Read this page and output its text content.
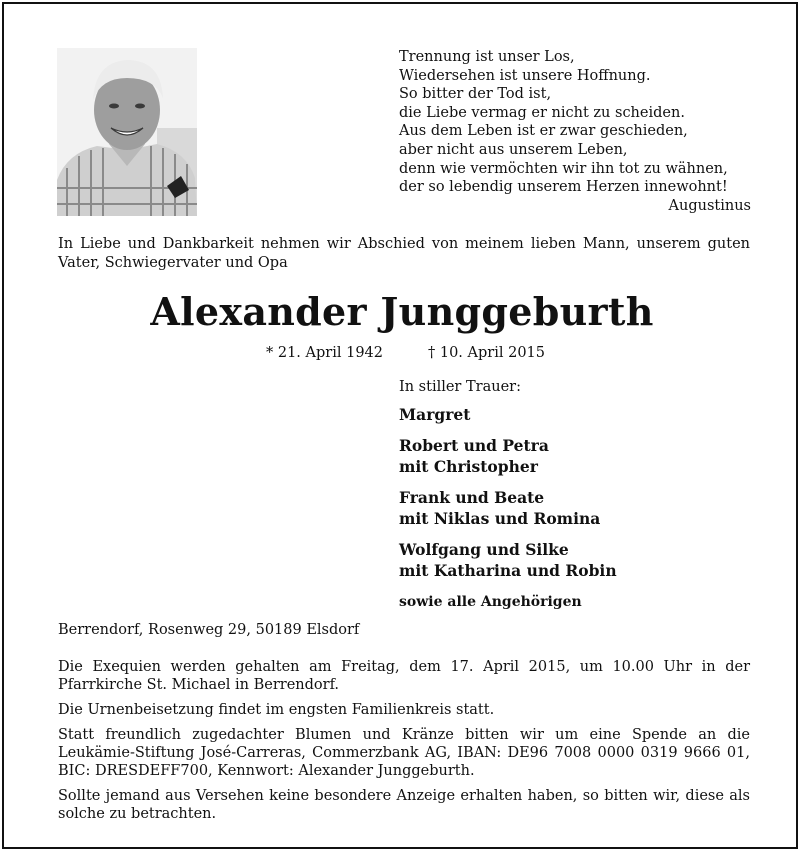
Trennung ist unser Los,
Wiedersehen ist unsere Hoffnung.
So bitter der Tod ist,
die Liebe vermag er nicht zu scheiden.
Aus dem Leben ist er zwar geschieden,
aber nicht aus unserem Leben,
denn wie vermöchten wir ihn tot zu wähnen,
der so lebendig unserem Herzen innewohnt!
Augustinus
In Liebe und Dankbarkeit nehmen wir Abschied von meinem lieben Mann, unserem guten Vater, Schwiegervater und Opa
Alexander Junggeburth
* 21. April 1942	† 10. April 2015
In stiller Trauer:
Margret
Robert und Petra
mit Christopher
Frank und Beate
mit Niklas und Romina
Wolfgang und Silke
mit Katharina und Robin
sowie alle Angehörigen
Berrendorf, Rosenweg 29, 50189 Elsdorf

Die Exequien werden gehalten am Freitag, dem 17. April 2015, um 10.00 Uhr in der Pfarrkirche St. Michael in Berrendorf.

Die Urnenbeisetzung findet im engsten Familienkreis statt.

Statt freundlich zugedachter Blumen und Kränze bitten wir um eine Spende an die Leukämie-Stiftung José-Carreras, Commerzbank AG, IBAN: DE96 7008 0000 0319 9666 01, BIC: DRESDEFF700, Kennwort: Alexander Junggeburth.

Sollte jemand aus Versehen keine besondere Anzeige erhalten haben, so bitten wir, diese als solche zu betrachten.
